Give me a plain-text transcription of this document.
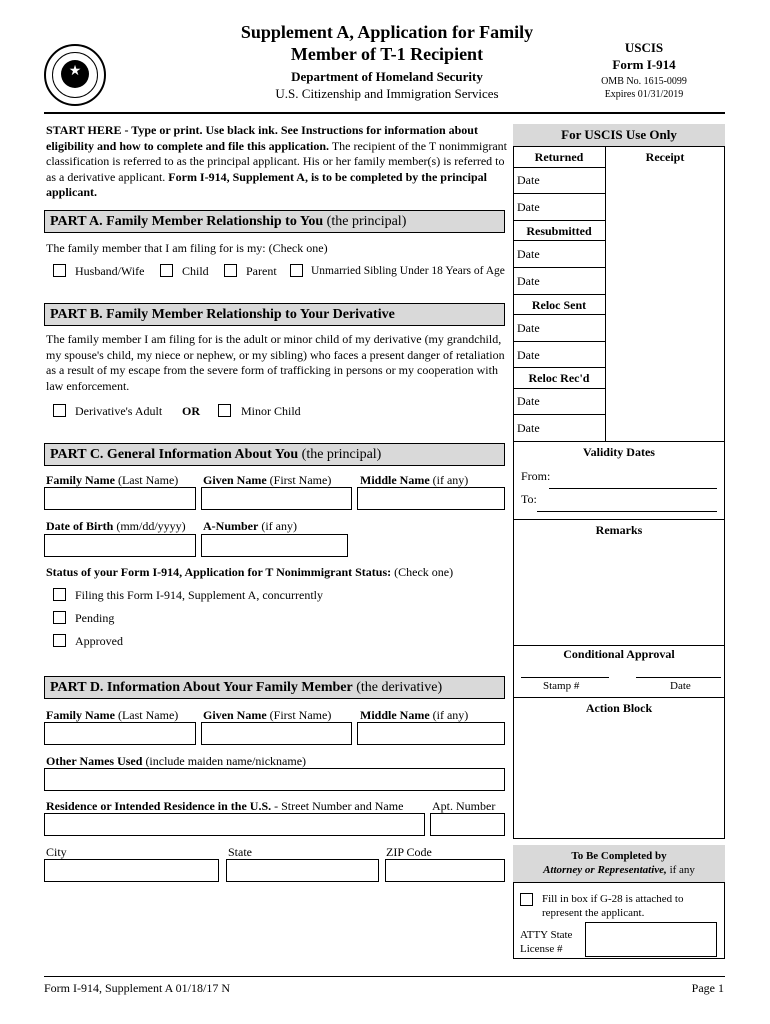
★
Supplement A, Application for Family
Member of T-1 Recipient
Department of Homeland Security
U.S. Citizenship and Immigration Services
USCIS
Form I-914
OMB No. 1615-0099
Expires 01/31/2019
START HERE - Type or print. Use black ink. See Instructions for information about eligibility and how to complete and file this application. The recipient of the T nonimmigrant classification is referred to as the principal applicant. His or her family member(s) is referred to as a derivative applicant. Form I-914, Supplement A, is to be completed by the principal applicant.
PART A. Family Member Relationship to You (the principal)
The family member that I am filing for is my: (Check one)
Husband/Wife	Child	Parent	Unmarried Sibling Under 18 Years of Age
PART B. Family Member Relationship to Your Derivative
The family member I am filing for is the adult or minor child of my derivative (my grandchild, my spouse's child, my niece or nephew, or my sibling) who faces a present danger of retaliation as a result of my escape from the severe form of trafficking in persons or my cooperation with law enforcement.
Derivative's Adult OR	Minor Child
PART C. General Information About You (the principal)
Family Name (Last Name) Given Name (First Name) Middle Name (if any)
Date of Birth (mm/dd/yyyy) A-Number (if any)
Status of your Form I-914, Application for T Nonimmigrant Status: (Check one)
Filing this Form I-914, Supplement A, concurrently
Pending
Approved
PART D. Information About Your Family Member (the derivative)
Family Name (Last Name) Given Name (First Name) Middle Name (if any)
Other Names Used (include maiden name/nickname)
Residence or Intended Residence in the U.S. - Street Number and Name Apt. Number
City	State	ZIP Code
For USCIS Use Only
Returned	Receipt
Date
Date
Resubmitted
Date
Date
Reloc Sent
Date
Date
Reloc Rec'd
Date
Date
Validity Dates
From:
To:
Remarks
Conditional Approval
Stamp #	Date
Action Block
To Be Completed by
Attorney or Representative, if any
Fill in box if G-28 is attached to represent the applicant.
ATTY State
License #
Form I-914, Supplement A 01/18/17 N	Page 1
